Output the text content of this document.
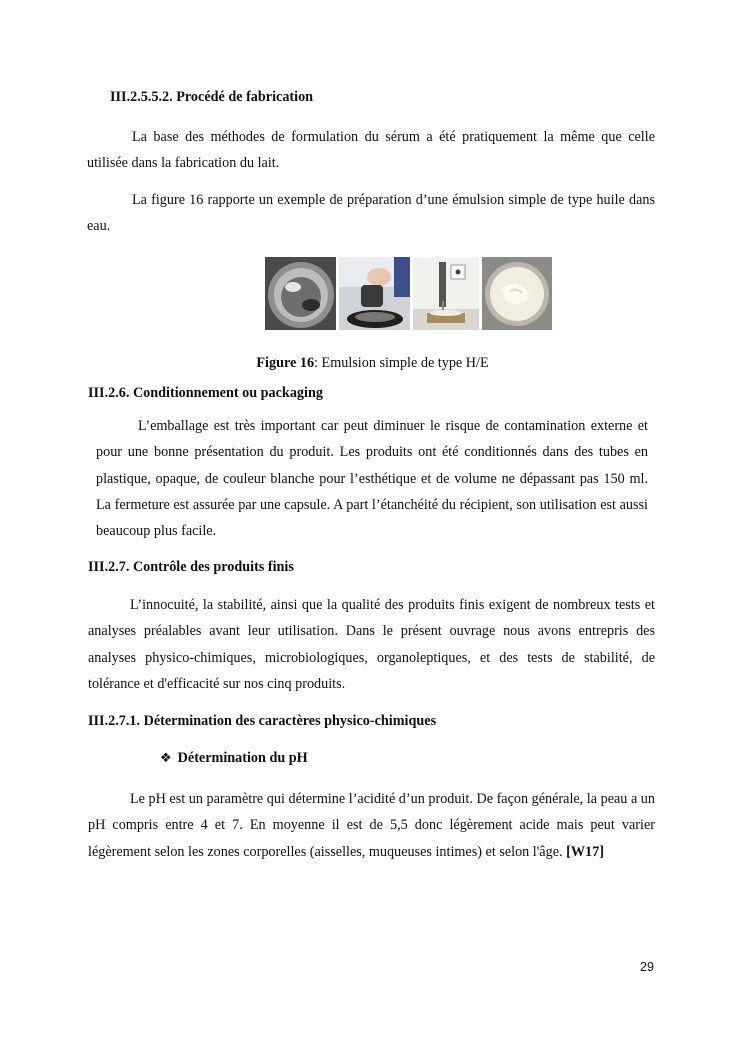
III.2.5.5.2. Procédé de fabrication

La base des méthodes de formulation du sérum a été pratiquement la même que celle utilisée dans la fabrication du lait.

La figure 16 rapporte un exemple de préparation d’une émulsion simple de type huile dans eau.

Figure 16: Emulsion simple de type H/E
III.2.6. Conditionnement ou packaging

L’emballage est très important car peut diminuer le risque de contamination externe et pour une bonne présentation du produit. Les produits ont été conditionnés dans des tubes en plastique, opaque, de couleur blanche pour l’esthétique et de volume ne dépassant pas 150 ml. La fermeture est assurée par une capsule. A part l’étanchéité du récipient, son utilisation est aussi beaucoup plus facile.

III.2.7. Contrôle des produits finis

L’innocuité, la stabilité, ainsi que la qualité des produits finis exigent de nombreux tests et analyses préalables avant leur utilisation. Dans le présent ouvrage nous avons entrepris des analyses physico-chimiques, microbiologiques, organoleptiques, et des tests de stabilité, de tolérance et d'efficacité sur nos cinq produits.

III.2.7.1. Détermination des caractères physico-chimiques
❖ Détermination du pH

Le pH est un paramètre qui détermine l’acidité d’un produit. De façon générale, la peau a un pH compris entre 4 et 7. En moyenne il est de 5,5 donc légèrement acide mais peut varier légèrement selon les zones corporelles (aisselles, muqueuses intimes) et selon l'âge. [W17]

29
